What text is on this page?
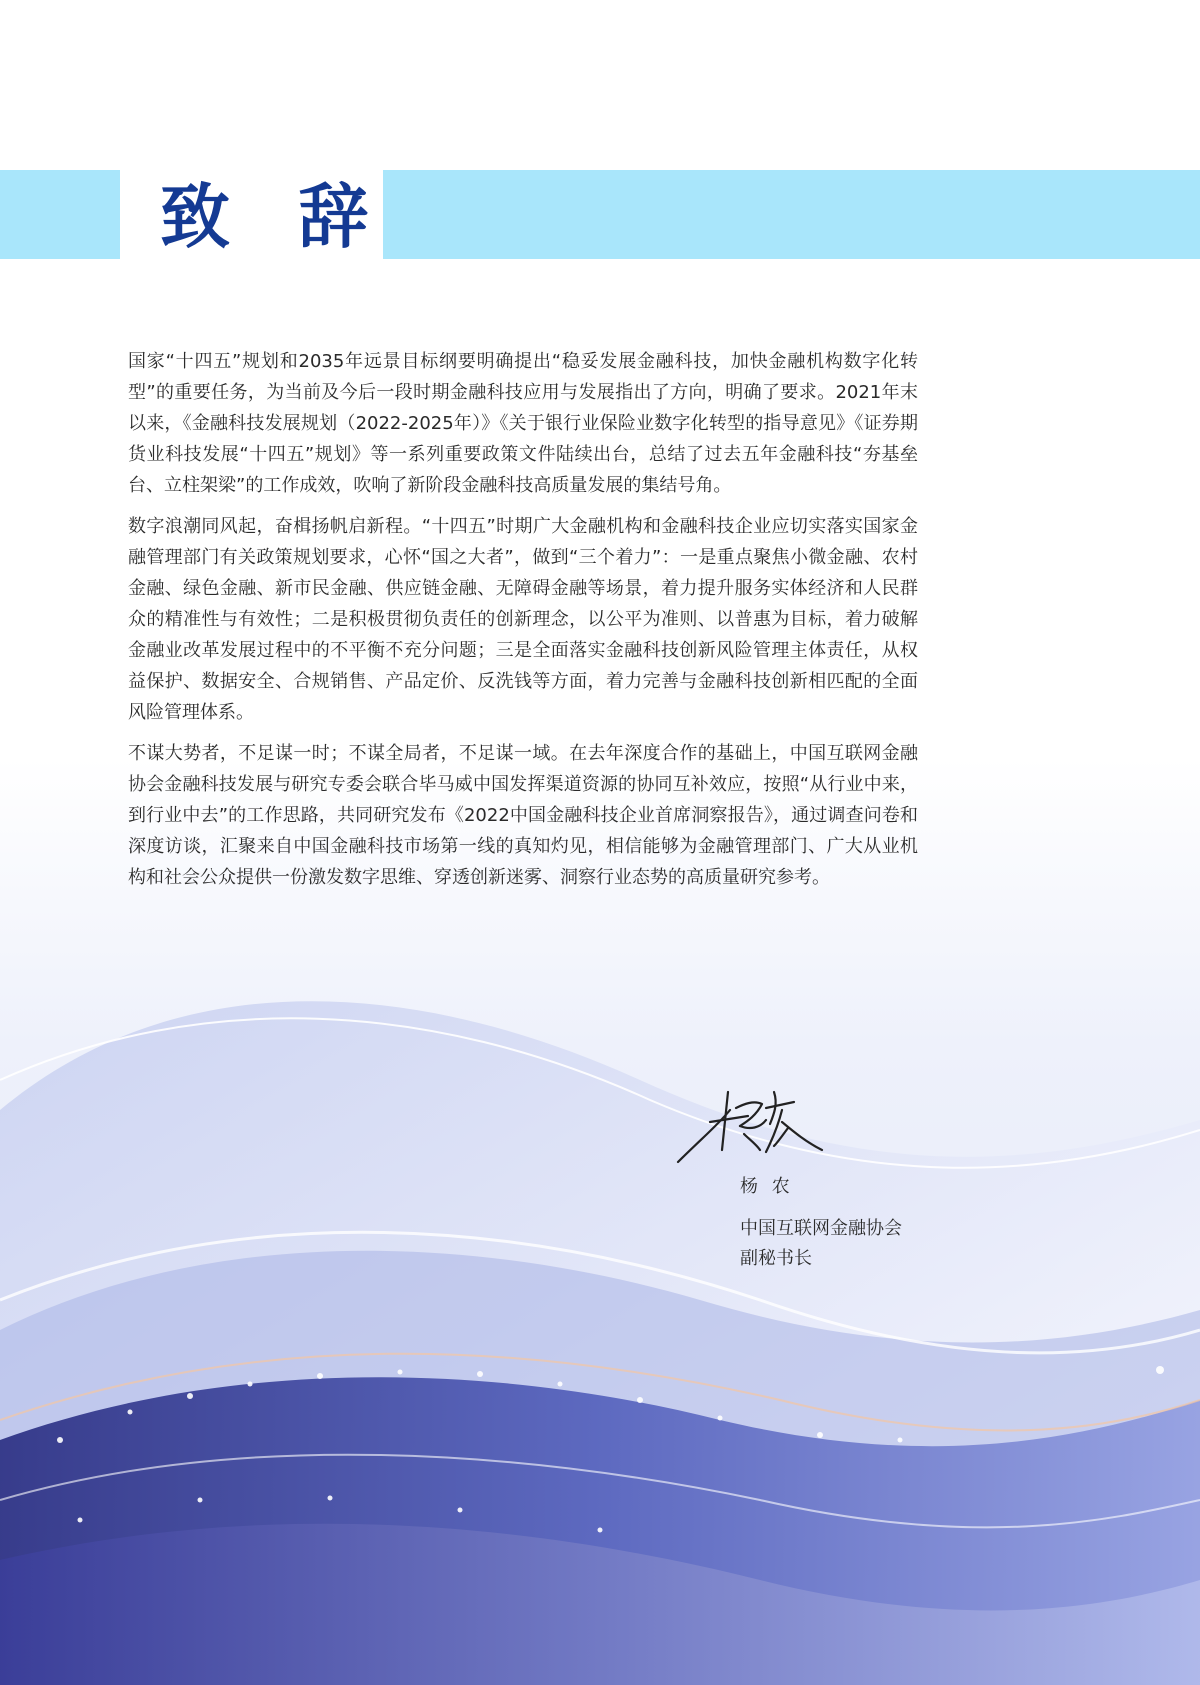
致 辞

国家“十四五”规划和2035年远景目标纲要明确提出“稳妥发展金融科技，加快金融机构数字化转型”的重要任务，为当前及今后一段时期金融科技应用与发展指出了方向，明确了要求。2021年末以来，《金融科技发展规划（2022-2025年）》《关于银行业保险业数字化转型的指导意见》《证券期货业科技发展“十四五”规划》等一系列重要政策文件陆续出台，总结了过去五年金融科技“夯基垒台、立柱架梁”的工作成效，吹响了新阶段金融科技高质量发展的集结号角。

数字浪潮同风起，奋楫扬帆启新程。“十四五”时期广大金融机构和金融科技企业应切实落实国家金融管理部门有关政策规划要求，心怀“国之大者”，做到“三个着力”：一是重点聚焦小微金融、农村金融、绿色金融、新市民金融、供应链金融、无障碍金融等场景，着力提升服务实体经济和人民群众的精准性与有效性；二是积极贯彻负责任的创新理念，以公平为准则、以普惠为目标，着力破解金融业改革发展过程中的不平衡不充分问题；三是全面落实金融科技创新风险管理主体责任，从权益保护、数据安全、合规销售、产品定价、反洗钱等方面，着力完善与金融科技创新相匹配的全面风险管理体系。

不谋大势者，不足谋一时；不谋全局者，不足谋一域。在去年深度合作的基础上，中国互联网金融协会金融科技发展与研究专委会联合毕马威中国发挥渠道资源的协同互补效应，按照“从行业中来，到行业中去”的工作思路，共同研究发布《2022中国金融科技企业首席洞察报告》，通过调查问卷和深度访谈，汇聚来自中国金融科技市场第一线的真知灼见，相信能够为金融管理部门、广大从业机构和社会公众提供一份激发数字思维、穿透创新迷雾、洞察行业态势的高质量研究参考。

杨 农

中国互联网金融协会

副秘书长
